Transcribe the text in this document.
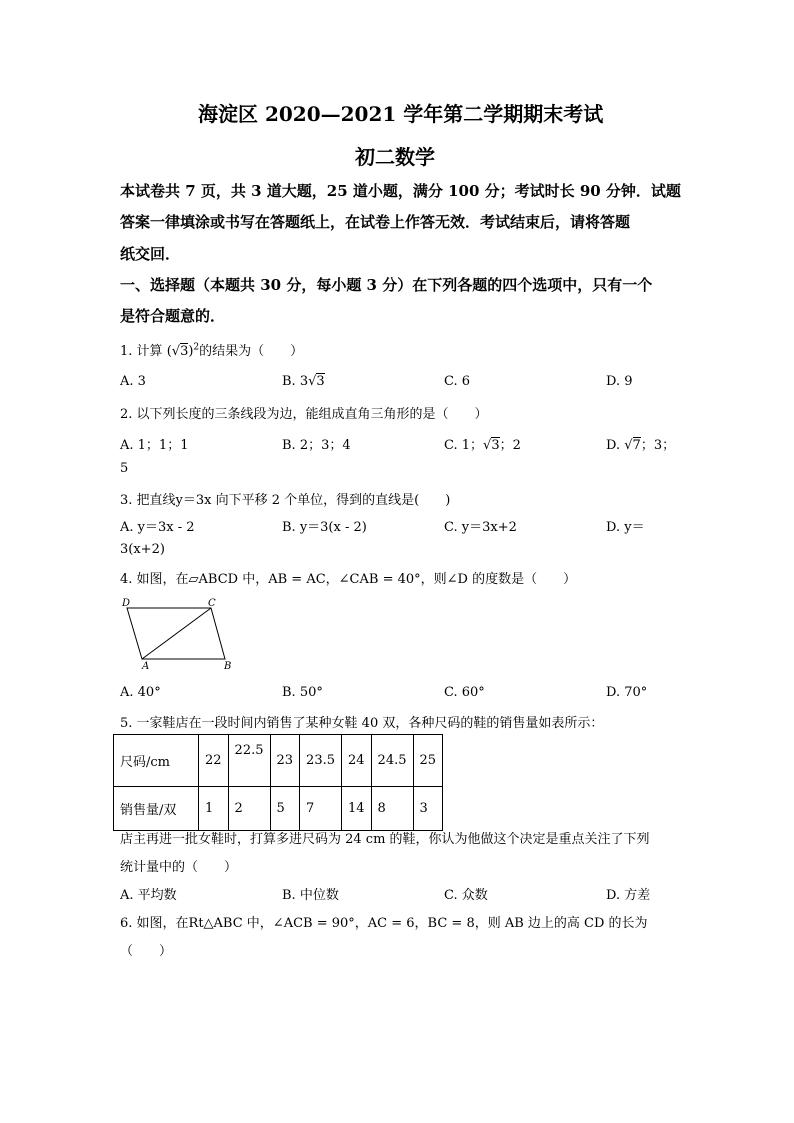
海淀区 2020—2021 学年第二学期期末考试
初二数学
本试卷共 7 页，共 3 道大题，25 道小题，满分 100 分；考试时长 90 分钟．试题
答案一律填涂或书写在答题纸上，在试卷上作答无效．考试结束后，请将答题
纸交回．
一、选择题（本题共 30 分，每小题 3 分）在下列各题的四个选项中，只有一个
是符合题意的．
1. 计算 $(√3)^2$的结果为（　　）
A. 3	B. 3√3	C. 6	D. 9
2. 以下列长度的三条线段为边，能组成直角三角形的是（　　）
A. 1；1；1	B. 2；3；4	C. 1；√3；2	D. √7；3；
5
3. 把直线y＝3x 向下平移 2 个单位，得到的直线是(　　)
A. y＝3x - 2	B. y＝3(x - 2)	C. y＝3x+2	D. y＝
3(x+2)
4. 如图，在▱ABCD 中，AB = AC，∠CAB = 40°，则∠D 的度数是（　　）
D	C
A	B
A. 40°	B. 50°	C. 60°	D. 70°
5. 一家鞋店在一段时间内销售了某种女鞋 40 双，各种尺码的鞋的销售量如表所示：
尺码/cm	22	22.5	23	23.5	24	24.5	25
销售量/双	1	2	5	7	14	8	3
店主再进一批女鞋时，打算多进尺码为 24 cm 的鞋，你认为他做这个决定是重点关注了下列
统计量中的（　　）
A. 平均数	B. 中位数	C. 众数	D. 方差
6. 如图，在Rt△ABC 中，∠ACB = 90°，AC = 6，BC = 8，则 AB 边上的高 CD 的长为
（　　）
